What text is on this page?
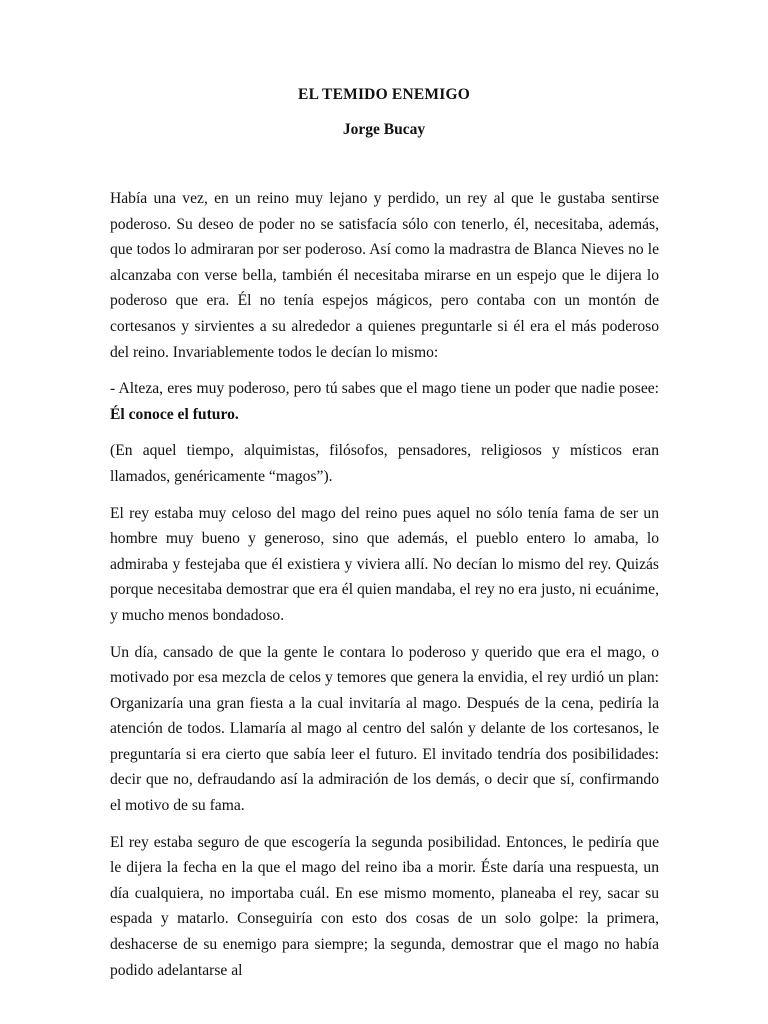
EL TEMIDO ENEMIGO
Jorge Bucay

Había una vez, en un reino muy lejano y perdido, un rey al que le gustaba sentirse poderoso. Su deseo de poder no se satisfacía sólo con tenerlo, él, necesitaba, además, que todos lo admiraran por ser poderoso. Así como la madrastra de Blanca Nieves no le alcanzaba con verse bella, también él necesitaba mirarse en un espejo que le dijera lo poderoso que era. Él no tenía espejos mágicos, pero contaba con un montón de cortesanos y sirvientes a su alrededor a quienes preguntarle si él era el más poderoso del reino. Invariablemente todos le decían lo mismo:

- Alteza, eres muy poderoso, pero tú sabes que el mago tiene un poder que nadie posee: Él conoce el futuro.

(En aquel tiempo, alquimistas, filósofos, pensadores, religiosos y místicos eran llamados, genéricamente “magos”).

El rey estaba muy celoso del mago del reino pues aquel no sólo tenía fama de ser un hombre muy bueno y generoso, sino que además, el pueblo entero lo amaba, lo admiraba y festejaba que él existiera y viviera allí. No decían lo mismo del rey. Quizás porque necesitaba demostrar que era él quien mandaba, el rey no era justo, ni ecuánime, y mucho menos bondadoso.

Un día, cansado de que la gente le contara lo poderoso y querido que era el mago, o motivado por esa mezcla de celos y temores que genera la envidia, el rey urdió un plan: Organizaría una gran fiesta a la cual invitaría al mago. Después de la cena, pediría la atención de todos. Llamaría al mago al centro del salón y delante de los cortesanos, le preguntaría si era cierto que sabía leer el futuro. El invitado tendría dos posibilidades: decir que no, defraudando así la admiración de los demás, o decir que sí, confirmando el motivo de su fama.

El rey estaba seguro de que escogería la segunda posibilidad. Entonces, le pediría que le dijera la fecha en la que el mago del reino iba a morir. Éste daría una respuesta, un día cualquiera, no importaba cuál. En ese mismo momento, planeaba el rey, sacar su espada y matarlo. Conseguiría con esto dos cosas de un solo golpe: la primera, deshacerse de su enemigo para siempre; la segunda, demostrar que el mago no había podido adelantarse al
